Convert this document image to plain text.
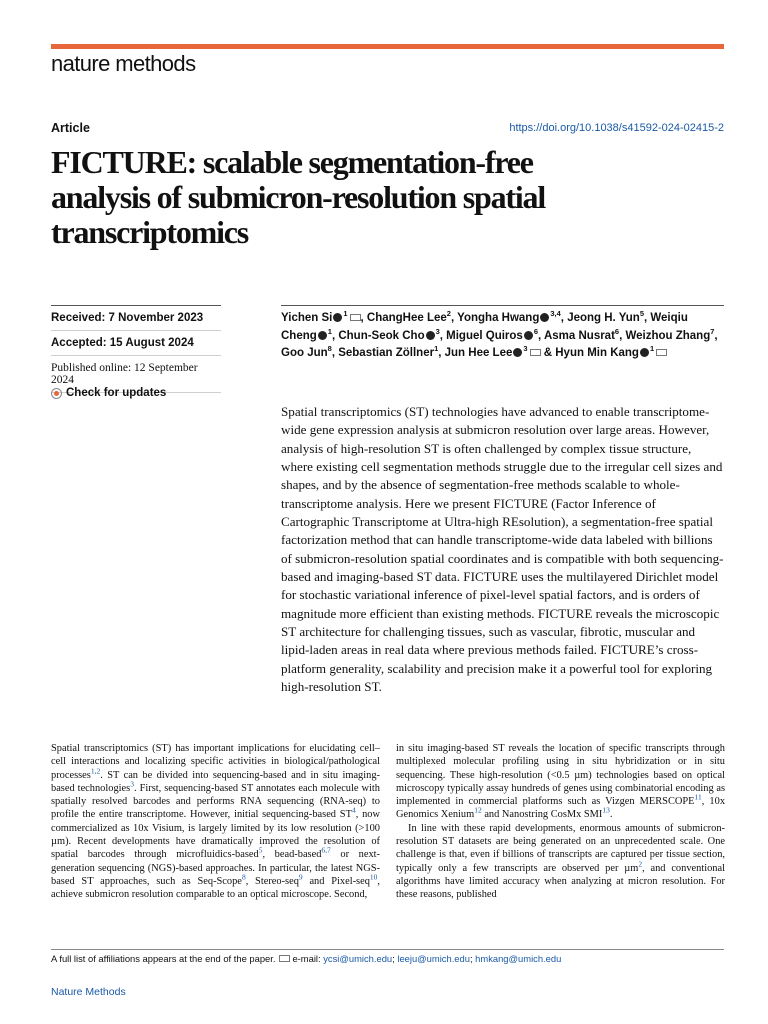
nature methods
Article	https://doi.org/10.1038/s41592-024-02415-2
FICTURE: scalable segmentation-free
analysis of submicron-resolution spatial
transcriptomics
Received: 7 November 2023
Accepted: 15 August 2024
Published online: 12 September 2024
Check for updates
Yichen Si $^1$ , ChangHee Lee$^2$, Yongha Hwang $^{3,4}$, Jeong H. Yun$^5$, Weiqiu Cheng $^1$, Chun-Seok Cho $^3$, Miguel Quiros $^6$, Asma Nusrat$^6$, Weizhou Zhang$^7$, Goo Jun$^8$, Sebastian Zöllner$^1$, Jun Hee Lee $^3$ & Hyun Min Kang $^1$
Spatial transcriptomics (ST) technologies have advanced to enable transcriptome-wide gene expression analysis at submicron resolution over large areas. However, analysis of high-resolution ST is often challenged by complex tissue structure, where existing cell segmentation methods struggle due to the irregular cell sizes and shapes, and by the absence of segmentation-free methods scalable to whole-transcriptome analysis. Here we present FICTURE (Factor Inference of Cartographic Transcriptome at Ultra-high REsolution), a segmentation-free spatial factorization method that can handle transcriptome-wide data labeled with billions of submicron-resolution spatial coordinates and is compatible with both sequencing-based and imaging-based ST data. FICTURE uses the multilayered Dirichlet model for stochastic variational inference of pixel-level spatial factors, and is orders of magnitude more efficient than existing methods. FICTURE reveals the microscopic ST architecture for challenging tissues, such as vascular, fibrotic, muscular and lipid-laden areas in real data where previous methods failed. FICTURE’s cross-platform generality, scalability and precision make it a powerful tool for exploring high-resolution ST.
Spatial transcriptomics (ST) has important implications for elucidating cell–cell interactions and localizing specific activities in biological/pathological processes$^{1,2}$. ST can be divided into sequencing-based and in situ imaging-based technologies$^3$. First, sequencing-based ST annotates each molecule with spatially resolved barcodes and performs RNA sequencing (RNA-seq) to profile the entire transcriptome. However, initial sequencing-based $ST^4$, now commercialized as 10x Visium, is largely limited by its low resolution (>100 µm). Recent developments have dramatically improved the resolution of spatial barcodes through microfluidics-based$^5$, bead-based$^{6,7}$ or next-generation sequencing (NGS)-based approaches. In particular, the latest NGS-based ST approaches, such as Seq-Scope$^8$, Stereo-seq$^9$ and Pixel-seq$^{10}$, achieve submicron resolution comparable to an optical microscope. Second,
in situ imaging-based ST reveals the location of specific transcripts through multiplexed molecular profiling using in situ hybridization or in situ sequencing. These high-resolution (<0.5 µm) technologies based on optical microscopy typically assay hundreds of genes using combinatorial encoding as implemented in commercial platforms such as Vizgen MERSCOPE$^{11}$, 10x Genomics Xenium$^{12}$ and Nanostring CosMx SMI$^{13}$.
In line with these rapid developments, enormous amounts of submicron-resolution ST datasets are being generated on an unprecedented scale. One challenge is that, even if billions of transcripts are captured per tissue section, typically only a few transcripts are observed per µm$^2$, and conventional algorithms have limited accuracy when analyzing at micron resolution. For these reasons, published
A full list of affiliations appears at the end of the paper. e-mail: ycsi@umich.edu; leeju@umich.edu; hmkang@umich.edu
Nature Methods
